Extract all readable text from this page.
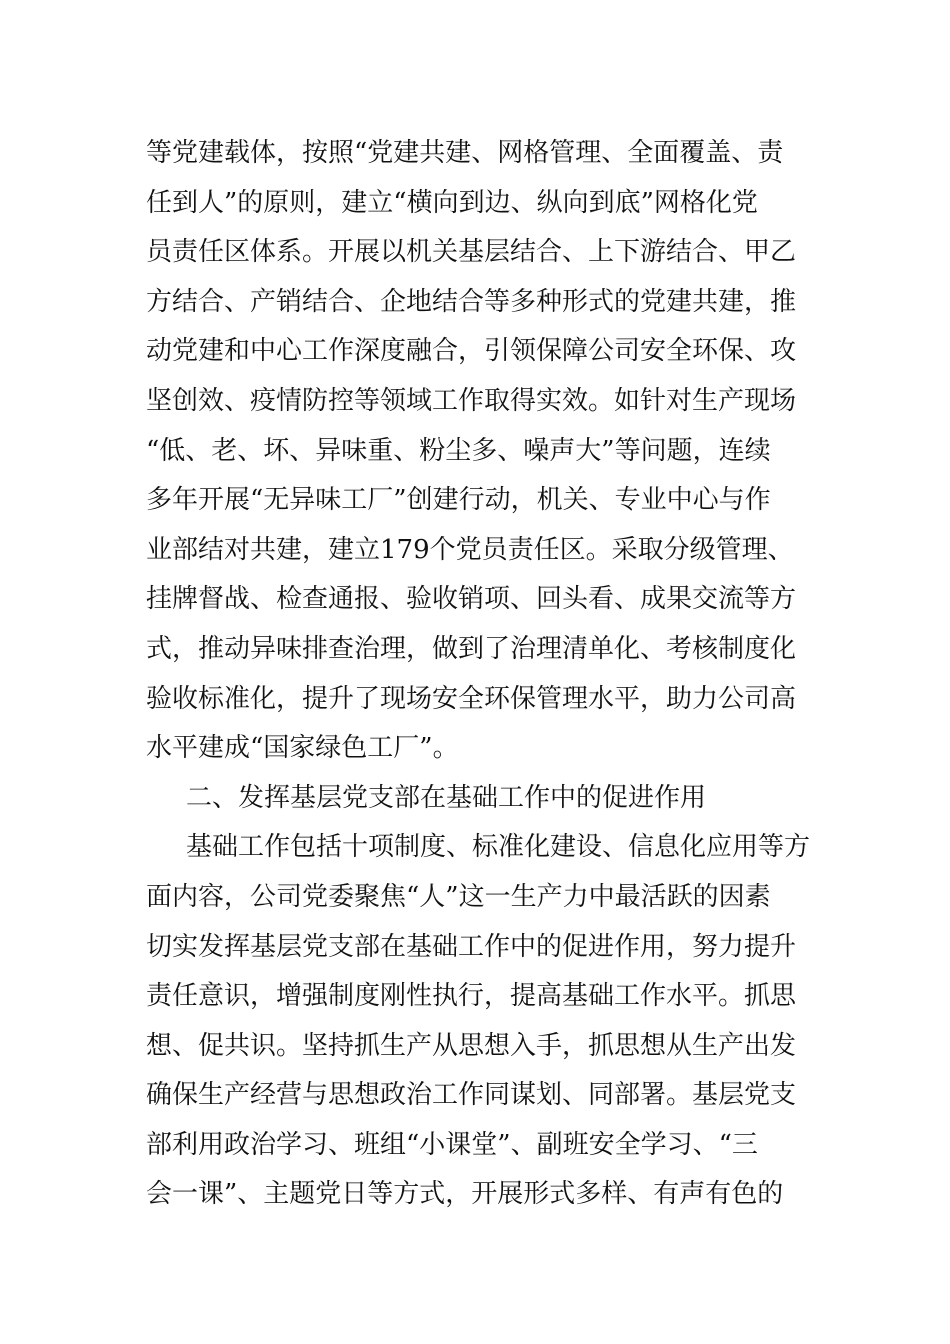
等党建载体，按照“党建共建、网格管理、全面覆盖、责

任到人”的原则，建立“横向到边、纵向到底”网格化党

员责任区体系。开展以机关基层结合、上下游结合、甲乙

方结合、产销结合、企地结合等多种形式的党建共建，推

动党建和中心工作深度融合，引领保障公司安全环保、攻

坚创效、疫情防控等领域工作取得实效。如针对生产现场

“低、老、坏、异味重、粉尘多、噪声大”等问题，连续

多年开展“无异味工厂”创建行动，机关、专业中心与作

业部结对共建，建立179个党员责任区。采取分级管理、

挂牌督战、检查通报、验收销项、回头看、成果交流等方

式，推动异味排查治理，做到了治理清单化、考核制度化

验收标准化，提升了现场安全环保管理水平，助力公司高

水平建成“国家绿色工厂”。

二、发挥基层党支部在基础工作中的促进作用

基础工作包括十项制度、标准化建设、信息化应用等方

面内容，公司党委聚焦“人”这一生产力中最活跃的因素

切实发挥基层党支部在基础工作中的促进作用，努力提升

责任意识，增强制度刚性执行，提高基础工作水平。抓思

想、促共识。坚持抓生产从思想入手，抓思想从生产出发

确保生产经营与思想政治工作同谋划、同部署。基层党支

部利用政治学习、班组“小课堂”、副班安全学习、“三

会一课”、主题党日等方式，开展形式多样、有声有色的
